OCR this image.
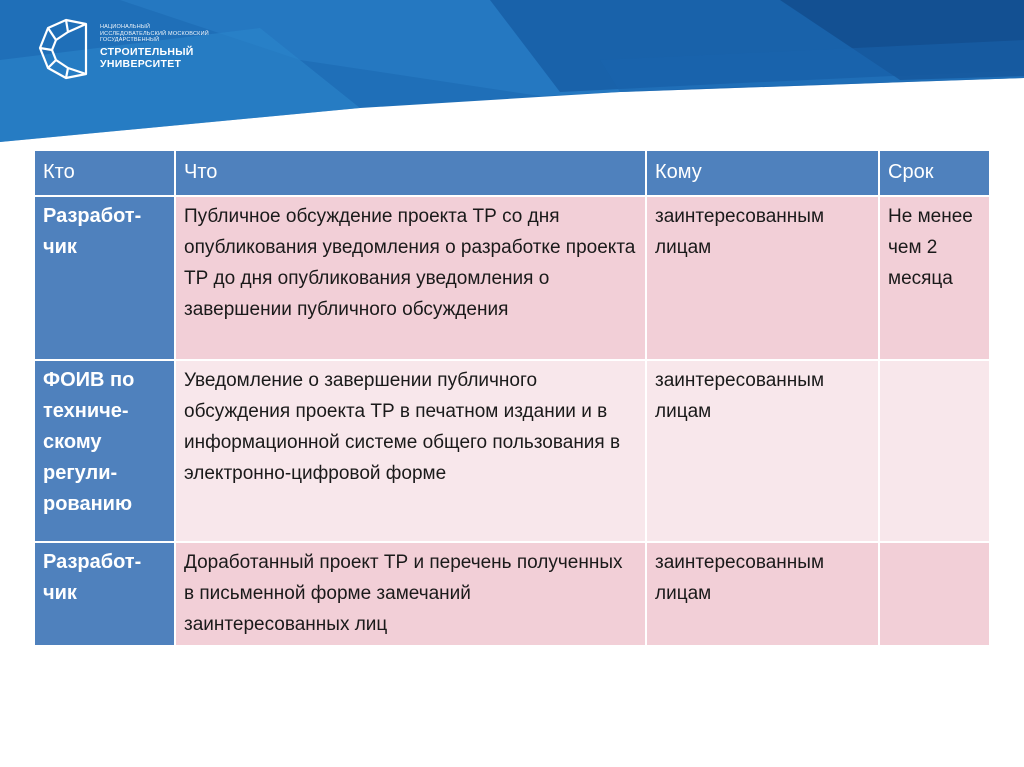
НАЦИОНАЛЬНЫЙ ИССЛЕДОВАТЕЛЬСКИЙ МОСКОВСКИЙ ГОСУДАРСТВЕННЫЙ
СТРОИТЕЛЬНЫЙ
УНИВЕРСИТЕТ
Кто	Что	Кому	Срок
Разработ-чик	Публичное обсуждение проекта ТР со дня опубликования уведомления о разработке проекта ТР до дня опубликования уведомления о завершении публичного обсуждения	заинтересованным лицам	Не менее чем 2 месяца
ФОИВ по техниче-скому регули-рованию	Уведомление о завершении публичного обсуждения проекта ТР в печатном издании и в информационной системе общего пользования в электронно-цифровой форме	заинтересованным лицам	
Разработ-чик	Доработанный проект ТР и перечень полученных в письменной форме замечаний заинтересованных лиц	заинтересованным лицам	
